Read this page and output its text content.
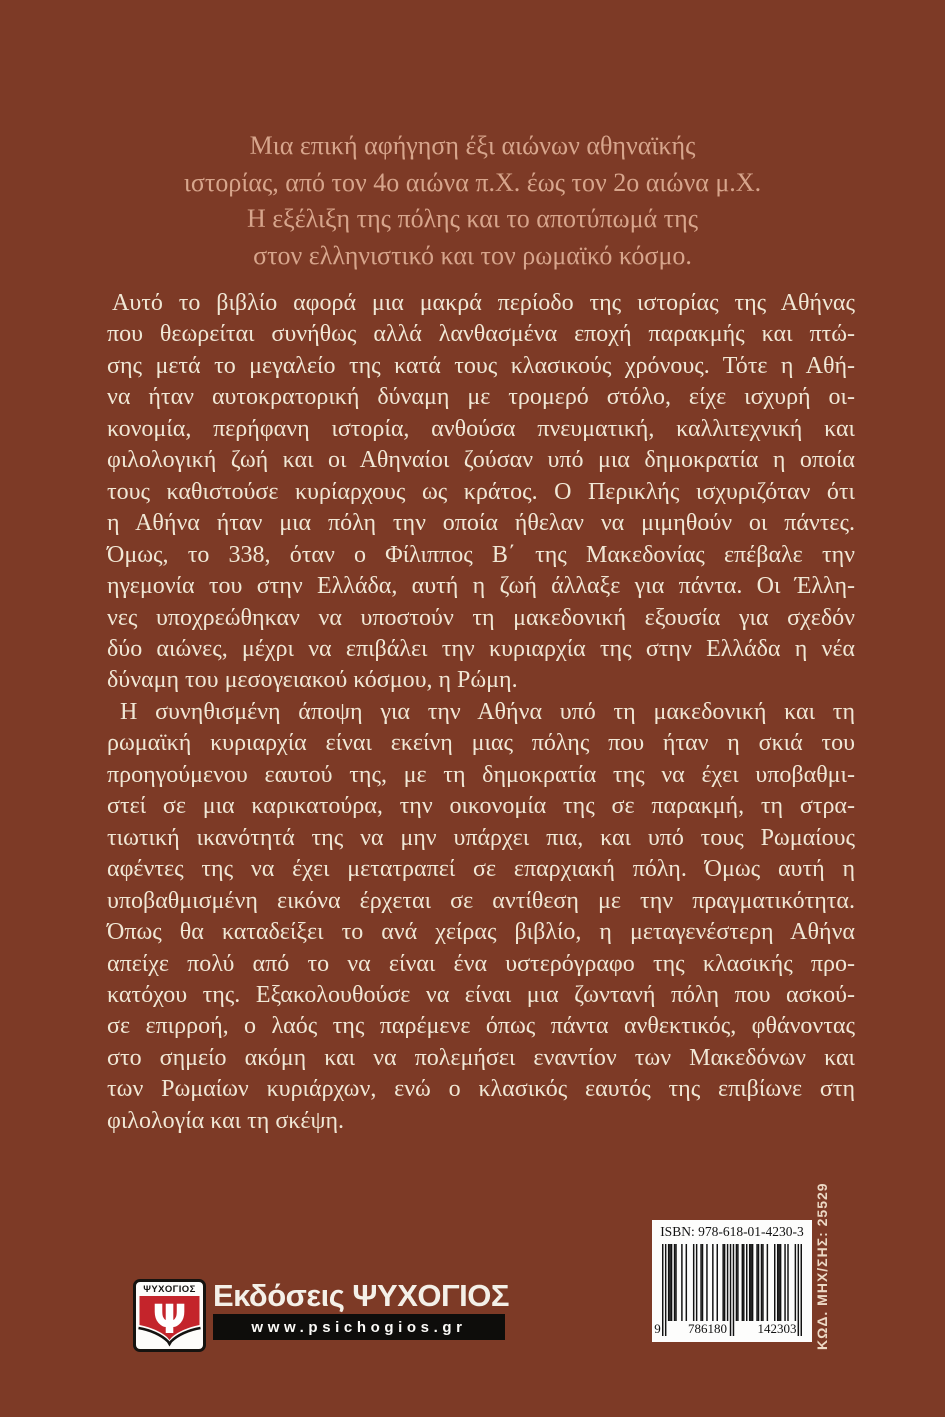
Μια επική αφήγηση έξι αιώνων αθηναϊκής
ιστορίας, από τον 4ο αιώνα π.Χ. έως τον 2ο αιώνα μ.Χ.
Η εξέλιξη της πόλης και το αποτύπωμά της
στον ελληνιστικό και τον ρωμαϊκό κόσμο.
Αυτό το βιβλίο αφορά μια μακρά περίοδο της ιστορίας της Αθήνας
που θεωρείται συνήθως αλλά λανθασμένα εποχή παρακμής και πτώ-
σης μετά το μεγαλείο της κατά τους κλασικούς χρόνους. Τότε η Αθή-
να ήταν αυτοκρατορική δύναμη με τρομερό στόλο, είχε ισχυρή οι-
κονομία, περήφανη ιστορία, ανθούσα πνευματική, καλλιτεχνική και
φιλολογική ζωή και οι Αθηναίοι ζούσαν υπό μια δημοκρατία η οποία
τους καθιστούσε κυρίαρχους ως κράτος. Ο Περικλής ισχυριζόταν ότι
η Αθήνα ήταν μια πόλη την οποία ήθελαν να μιμηθούν οι πάντες.
Όμως, το 338, όταν ο Φίλιππος Β΄ της Μακεδονίας επέβαλε την
ηγεμονία του στην Ελλάδα, αυτή η ζωή άλλαξε για πάντα. Οι Έλλη-
νες υποχρεώθηκαν να υποστούν τη μακεδονική εξουσία για σχεδόν
δύο αιώνες, μέχρι να επιβάλει την κυριαρχία της στην Ελλάδα η νέα
δύναμη του μεσογειακού κόσμου, η Ρώμη.
Η συνηθισμένη άποψη για την Αθήνα υπό τη μακεδονική και τη
ρωμαϊκή κυριαρχία είναι εκείνη μιας πόλης που ήταν η σκιά του
προηγούμενου εαυτού της, με τη δημοκρατία της να έχει υποβαθμι-
στεί σε μια καρικατούρα, την οικονομία της σε παρακμή, τη στρα-
τιωτική ικανότητά της να μην υπάρχει πια, και υπό τους Ρωμαίους
αφέντες της να έχει μετατραπεί σε επαρχιακή πόλη. Όμως αυτή η
υποβαθμισμένη εικόνα έρχεται σε αντίθεση με την πραγματικότητα.
Όπως θα καταδείξει το ανά χείρας βιβλίο, η μεταγενέστερη Αθήνα
απείχε πολύ από το να είναι ένα υστερόγραφο της κλασικής προ-
κατόχου της. Εξακολουθούσε να είναι μια ζωντανή πόλη που ασκού-
σε επιρροή, ο λαός της παρέμενε όπως πάντα ανθεκτικός, φθάνοντας
στο σημείο ακόμη και να πολεμήσει εναντίον των Μακεδόνων και
των Ρωμαίων κυριάρχων, ενώ ο κλασικός εαυτός της επιβίωνε στη
φιλολογία και τη σκέψη.
ΨΥΧΟΓΙΟΣ
Ψ
Εκδόσεις ΨΥΧΟΓΙΟΣ
www.psichogios.gr
ISBN: 978-618-01-4230-3
9	786180	142303	ΚΩΔ. ΜΗΧ/ΣΗΣ: 25529
